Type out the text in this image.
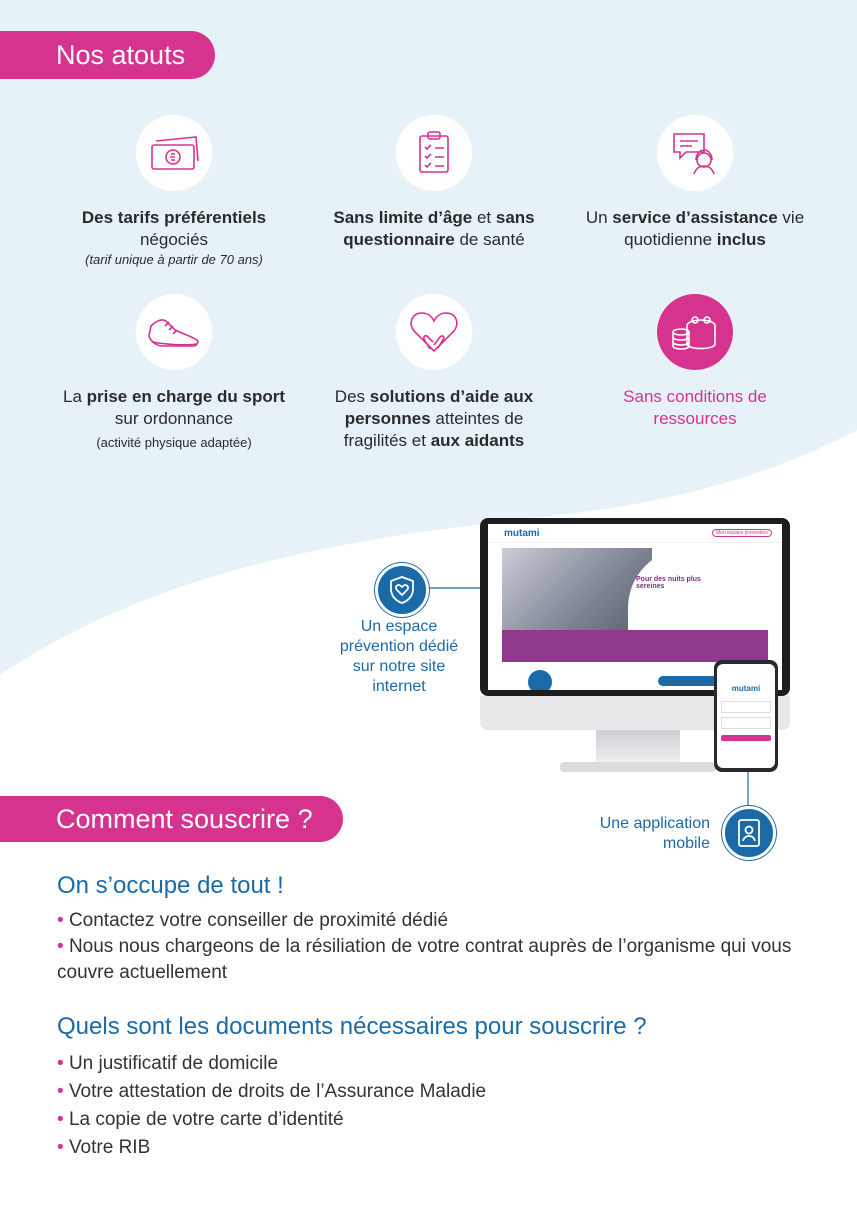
Nos atouts
Des tarifs préférentiels
négociés
(tarif unique à partir de 70 ans)
Sans limite d’âge et sans
questionnaire de santé
Un service d’assistance vie
quotidienne inclus
La prise en charge du sport
sur ordonnance
(activité physique adaptée)
Des solutions d’aide aux
personnes atteintes de
fragilités et aux aidants
Sans conditions de
ressources
Un espace
prévention dédié
sur notre site
internet
mutami	Mon espace prévention
Pour des nuits plus sereines
mutami
Une application
mobile
Comment souscrire ?
On s’occupe de tout !
• Contactez votre conseiller de proximité dédié
• Nous nous chargeons de la résiliation de votre contrat auprès de l’organisme qui vous couvre actuellement
Quels sont les documents nécessaires pour souscrire ?
• Un justificatif de domicile
• Votre attestation de droits de l’Assurance Maladie
• La copie de votre carte d’identité
• Votre RIB
